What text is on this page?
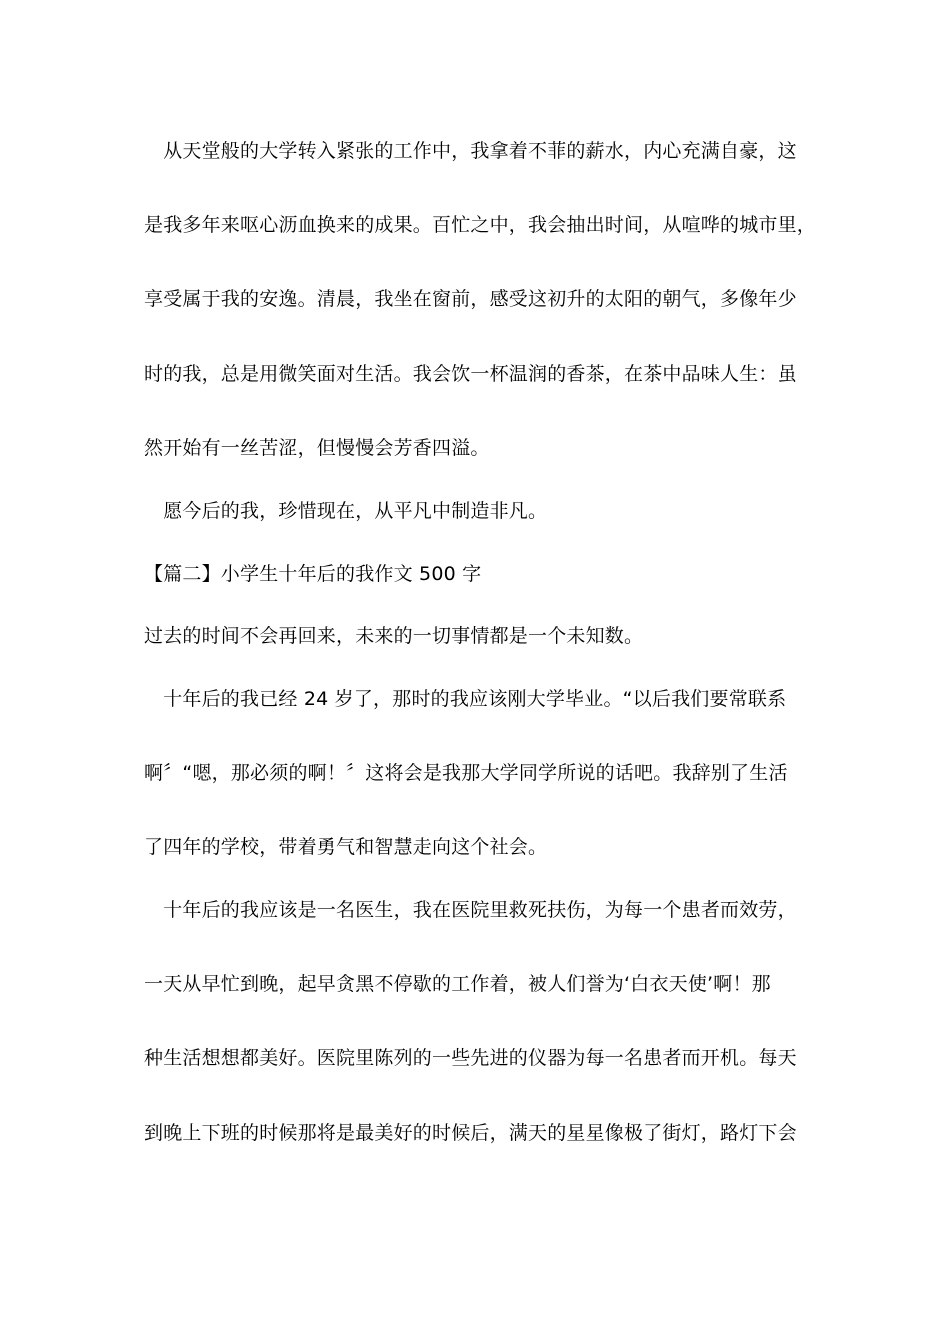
　从天堂般的大学转入紧张的工作中，我拿着不菲的薪水，内心充满自豪，这
是我多年来呕心沥血换来的成果。百忙之中，我会抽出时间，从喧哗的城市里，
享受属于我的安逸。清晨，我坐在窗前，感受这初升的太阳的朝气，多像年少
时的我，总是用微笑面对生活。我会饮一杯温润的香茶，在茶中品味人生：虽
然开始有一丝苦涩，但慢慢会芳香四溢。
　愿今后的我，珍惜现在，从平凡中制造非凡。
【篇二】小学生十年后的我作文 500 字
过去的时间不会再回来，未来的一切事情都是一个未知数。
　十年后的我已经 24 岁了，那时的我应该刚大学毕业。“以后我们要常联系
啊〞“嗯，那必须的啊！〞这将会是我那大学同学所说的话吧。我辞别了生活
了四年的学校，带着勇气和智慧走向这个社会。
　十年后的我应该是一名医生，我在医院里救死扶伤，为每一个患者而效劳，
一天从早忙到晚，起早贪黑不停歇的工作着，被人们誉为‘白衣天使’啊！那
种生活想想都美好。医院里陈列的一些先进的仪器为每一名患者而开机。每天
到晚上下班的时候那将是最美好的时候后，满天的星星像极了街灯，路灯下会
